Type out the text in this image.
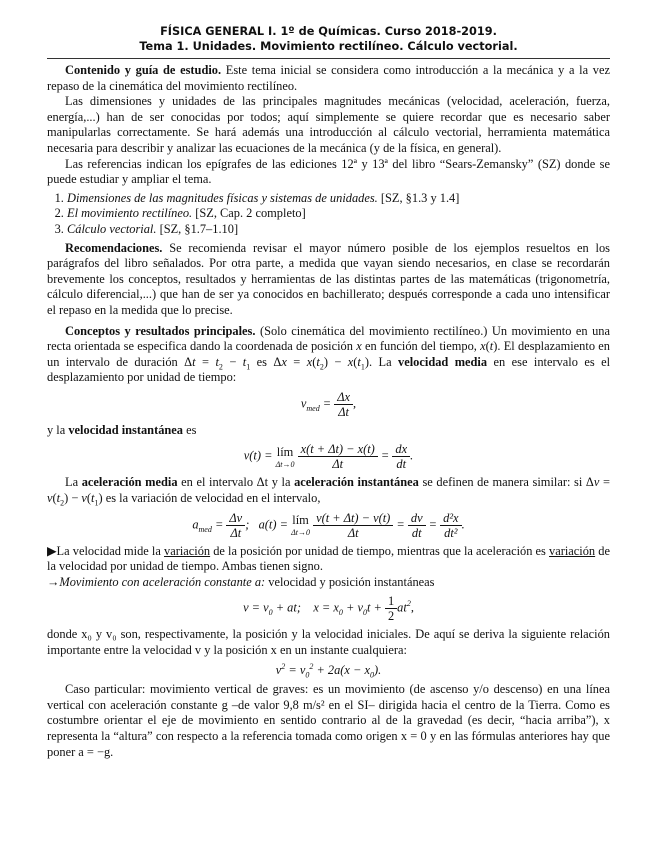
FÍSICA GENERAL I. 1º de Químicas. Curso 2018-2019.
Tema 1. Unidades. Movimiento rectilíneo. Cálculo vectorial.

Contenido y guía de estudio. Este tema inicial se considera como introducción a la mecánica y a la vez repaso de la cinemática del movimiento rectilíneo.

Las dimensiones y unidades de las principales magnitudes mecánicas (velocidad, aceleración, fuerza, energía,...) han de ser conocidas por todos; aquí simplemente se quiere recordar que es necesario saber manipularlas correctamente. Se hará además una introducción al cálculo vectorial, herramienta matemática necesaria para describir y analizar las ecuaciones de la mecánica (y de la física, en general).

Las referencias indican los epígrafes de las ediciones 12ª y 13ª del libro “Sears-Zemansky” (SZ) donde se puede estudiar y ampliar el tema.

1. Dimensiones de las magnitudes físicas y sistemas de unidades. [SZ, §1.3 y 1.4]
2. El movimiento rectilíneo. [SZ, Cap. 2 completo]
3. Cálculo vectorial. [SZ, §1.7–1.10]

Recomendaciones. Se recomienda revisar el mayor número posible de los ejemplos resueltos en los parágrafos del libro señalados. Por otra parte, a medida que vayan siendo necesarios, en clase se recordarán brevemente los conceptos, resultados y herramientas de las distintas partes de las matemáticas (trigonometría, cálculo diferencial,...) que han de ser ya conocidos en bachillerato; después corresponde a cada uno intensificar el repaso en la medida que lo precise.

Conceptos y resultados principales. (Solo cinemática del movimiento rectilíneo.) Un movimiento en una recta orientada se especifica dando la coordenada de posición x en función del tiempo, x(t). El desplazamiento en un intervalo de duración $\Delta t = t_2 - t_1$ es $\Delta x = x(t_2) - x(t_1)$. La velocidad media en ese intervalo es el desplazamiento por unidad de tiempo:

$v_{med} = \frac{\Delta x}{\Delta t}$ ,

y la velocidad instantánea es

v(t) = lím
Δt→0
$\frac{x(t + \Delta t) - x(t)}{\Delta t} = \frac{dx}{dt}$ .

La aceleración media en el intervalo Δt y la aceleración instantánea se definen de manera similar: si $\Delta v = v(t_2) - v(t_1)$ es la variación de velocidad en el intervalo,

$a_{med} = \frac{\Delta v}{\Delta t}$ ;   a(t) = lím
Δt→0
$\frac{v(t + \Delta t) - v(t)}{\Delta t} = \frac{dv}{dt} = \frac{\text{d²x}}{\text{dt²}}$ .

▶La velocidad mide la variación de la posición por unidad de tiempo, mientras que la aceleración es variación de la velocidad por unidad de tiempo. Ambas tienen signo.

→Movimiento con aceleración constante a: velocidad y posición instantáneas

$v = v_0$ + at;    $x = x_0 + v_0t + \frac{1}{2} at^2$,

donde x₀ y v₀ son, respectivamente, la posición y la velocidad iniciales. De aquí se deriva la siguiente relación importante entre la velocidad v y la posición x en un instante cualquiera:

$v^2 = v_0^2 + 2a(x - x_0)$.

Caso particular: movimiento vertical de graves: es un movimiento (de ascenso y/o descenso) en una línea vertical con aceleración constante g –de valor 9,8 m/s² en el SI– dirigida hacia el centro de la Tierra. Como es costumbre orientar el eje de movimiento en sentido contrario al de la gravedad (es decir, “hacia arriba”), x representa la “altura” con respecto a la referencia tomada como origen x = 0 y en las fórmulas anteriores hay que poner a = −g.
